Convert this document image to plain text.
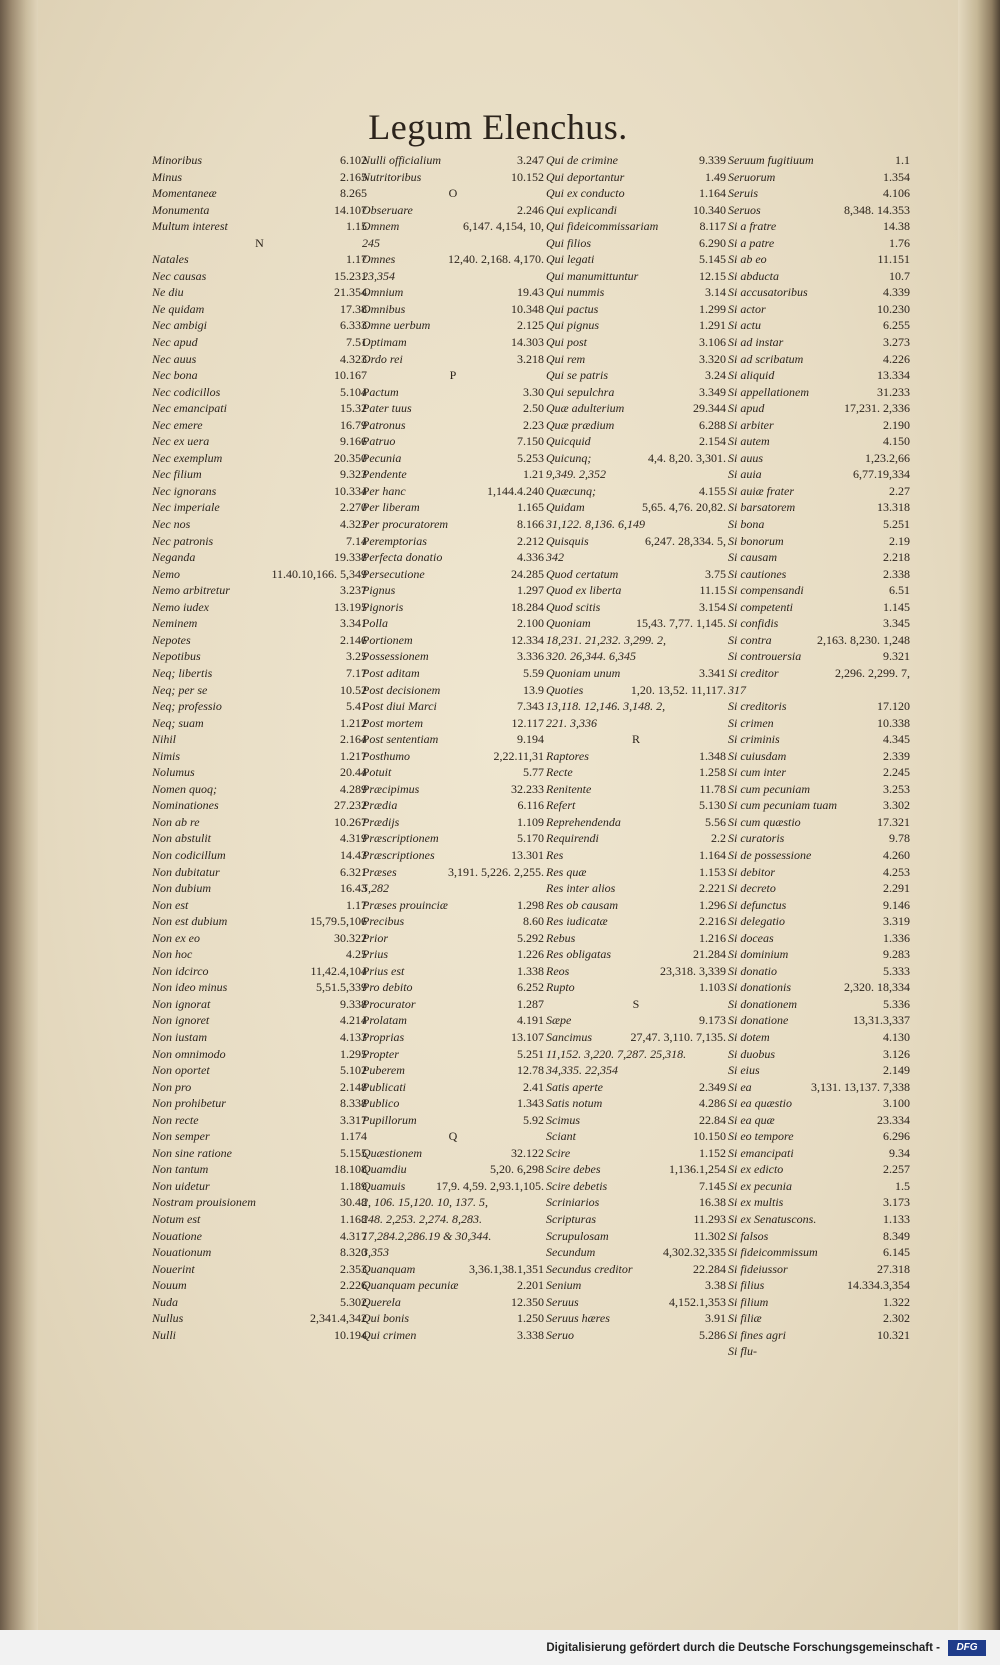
Legum Elenchus.
Minoribus	6.102
Minus	2.165
Momentaneæ	8.265
Monumenta	14.107
Multum interest	1.15
N
Natales	1.17
Nec causas	15.231
Ne diu	21.354
Ne quidam	17.38
Nec ambigi	6.333
Nec apud	7.51
Nec auus	4.323
Nec bona	10.167
Nec codicillos	5.104
Nec emancipati	15.32
Nec emere	16.79
Nec ex uera	9.166
Nec exemplum	20.350
Nec filium	9.323
Nec ignorans	10.334
Nec imperiale	2.270
Nec nos	4.323
Nec patronis	7.14
Neganda	19.338
Nemo	11.40.10,166. 5,349
Nemo arbitretur	3.237
Nemo iudex	13.195
Neminem	3.341
Nepotes	2.146
Nepotibus	3.25
Neq; libertis	7.17
Neq; per se	10.52
Neq; professio	5.41
Neq; suam	1.212
Nihil	2.164
Nimis	1.217
Nolumus	20.44
Nomen quoq;	4.289
Nominationes	27.232
Non ab re	10.267
Non abstulit	4.319
Non codicillum	14.43
Non dubitatur	6.321
Non dubium	16.43
Non est	1.17
Non est dubium	15,79.5,106
Non ex eo	30.322
Non hoc	4.25
Non idcirco	11,42.4,104
Non ideo minus	5,51.5,339
Non ignorat	9.338
Non ignoret	4.214
Non iustam	4.133
Non omnimodo	1.295
Non oportet	5.102
Non pro	2.148
Non prohibetur	8.338
Non recte	3.317
Non semper	1.174
Non sine ratione	5.155
Non tantum	18.108
Non uidetur	1.189
Nostram prouisionem	30.48
Notum est	1.168
Nouatione	4.317
Nouationum	8.320
Nouerint	2.353
Nouum	2.226
Nuda	5.302
Nullus	2,341.4,342
Nulli	10.194
Nulli officialium	3.247
Nutritoribus	10.152
O
Obseruare	2.246
Omnem	6,147. 4,154, 10,
245
Omnes	12,40. 2,168. 4,170.
23,354
Omnium	19.43
Omnibus	10.348
Omne uerbum	2.125
Optimam	14.303
Ordo rei	3.218
P
Pactum	3.30
Pater tuus	2.50
Patronus	2.23
Patruo	7.150
Pecunia	5.253
Pendente	1.21
Per hanc	1,144.4.240
Per liberam	1.165
Per procuratorem	8.166
Peremptorias	2.212
Perfecta donatio	4.336
Persecutione	24.285
Pignus	1.297
Pignoris	18.284
Polla	2.100
Portionem	12.334
Possessionem	3.336
Post aditam	5.59
Post decisionem	13.9
Post diui Marci	7.343
Post mortem	12.117
Post sententiam	9.194
Posthumo	2,22.11,31
Potuit	5.77
Præcipimus	32.233
Prædia	6.116
Prædijs	1.109
Præscriptionem	5.170
Præscriptiones	13.301
Præses	3,191. 5,226. 2,255.
5,282
Præses prouinciæ	1.298
Precibus	8.60
Prior	5.292
Prius	1.226
Prius est	1.338
Pro debito	6.252
Procurator	1.287
Prolatam	4.191
Proprias	13.107
Propter	5.251
Puberem	12.78
Publicati	2.41
Publico	1.343
Pupillorum	5.92
Q
Quæstionem	32.122
Quamdiu	5,20. 6,298
Quamuis	17,9. 4,59. 2,93.1,105.
2, 106. 15,120. 10, 137. 5,
248. 2,253. 2,274. 8,283.
17,284.2,286.19 & 30,344.
3,353
Quanquam	3,36.1,38.1,351
Quanquam pecuniæ	2.201
Querela	12.350
Qui bonis	1.250
Qui crimen	3.338
Qui de crimine	9.339
Qui deportantur	1.49
Qui ex conducto	1.164
Qui explicandi	10.340
Qui fideicommissariam	8.117
Qui filios	6.290
Qui legati	5.145
Qui manumittuntur	12.15
Qui nummis	3.14
Qui pactus	1.299
Qui pignus	1.291
Qui post	3.106
Qui rem	3.320
Qui se patris	3.24
Qui sepulchra	3.349
Quæ adulterium	29.344
Quæ prædium	6.288
Quicquid	2.154
Quicunq;	4,4. 8,20. 3,301.
9,349. 2,352
Quæcunq;	4.155
Quidam	5,65. 4,76. 20,82.
31,122. 8,136. 6,149
Quisquis	6,247. 28,334. 5,
342
Quod certatum	3.75
Quod ex liberta	11.15
Quod scitis	3.154
Quoniam	15,43. 7,77. 1,145.
18,231. 21,232. 3,299. 2,
320. 26,344. 6,345
Quoniam unum	3.341
Quoties	1,20. 13,52. 11,117.
13,118. 12,146. 3,148. 2,
221. 3,336
R
Raptores	1.348
Recte	1.258
Renitente	11.78
Refert	5.130
Reprehendenda	5.56
Requirendi	2.2
Res	1.164
Res quæ	1.153
Res inter alios	2.221
Res ob causam	1.296
Res iudicatæ	2.216
Rebus	1.216
Res obligatas	21.284
Reos	23,318. 3,339
Rupto	1.103
S
Sæpe	9.173
Sancimus	27,47. 3,110. 7,135.
11,152. 3,220. 7,287. 25,318.
34,335. 22,354
Satis aperte	2.349
Satis notum	4.286
Scimus	22.84
Sciant	10.150
Scire	1.152
Scire debes	1,136.1,254
Scire debetis	7.145
Scriniarios	16.38
Scripturas	11.293
Scrupulosam	11.302
Secundum	4,302.32,335
Secundus creditor	22.284
Senium	3.38
Seruus	4,152.1,353
Seruus hæres	3.91
Seruo	5.286
Seruum fugitiuum	1.1
Seruorum	1.354
Seruis	4.106
Seruos	8,348. 14.353
Si a fratre	14.38
Si a patre	1.76
Si ab eo	11.151
Si abducta	10.7
Si accusatoribus	4.339
Si actor	10.230
Si actu	6.255
Si ad instar	3.273
Si ad scribatum	4.226
Si aliquid	13.334
Si appellationem	31.233
Si apud	17,231. 2,336
Si arbiter	2.190
Si autem	4.150
Si auus	1,23.2,66
Si auia	6,77.19,334
Si auiæ frater	2.27
Si barsatorem	13.318
Si bona	5.251
Si bonorum	2.19
Si causam	2.218
Si cautiones	2.338
Si compensandi	6.51
Si competenti	1.145
Si confidis	3.345
Si contra	2,163. 8,230. 1,248
Si controuersia	9.321
Si creditor	2,296. 2,299. 7,
317
Si creditoris	17.120
Si crimen	10.338
Si criminis	4.345
Si cuiusdam	2.339
Si cum inter	2.245
Si cum pecuniam	3.253
Si cum pecuniam tuam	3.302
Si cum quæstio	17.321
Si curatoris	9.78
Si de possessione	4.260
Si debitor	4.253
Si decreto	2.291
Si defunctus	9.146
Si delegatio	3.319
Si doceas	1.336
Si dominium	9.283
Si donatio	5.333
Si donationis	2,320. 18,334
Si donationem	5.336
Si donatione	13,31.3,337
Si dotem	4.130
Si duobus	3.126
Si eius	2.149
Si ea	3,131. 13,137. 7,338
Si ea quæstio	3.100
Si ea quæ	23.334
Si eo tempore	6.296
Si emancipati	9.34
Si ex edicto	2.257
Si ex pecunia	1.5
Si ex multis	3.173
Si ex Senatuscons.	1.133
Si falsos	8.349
Si fideicommissum	6.145
Si fideiussor	27.318
Si filius	14.334.3,354
Si filium	1.322
Si filiæ	2.302
Si fines agri	10.321
Si flu-
Digitalisierung gefördert durch die Deutsche Forschungsgemeinschaft -	DFG
